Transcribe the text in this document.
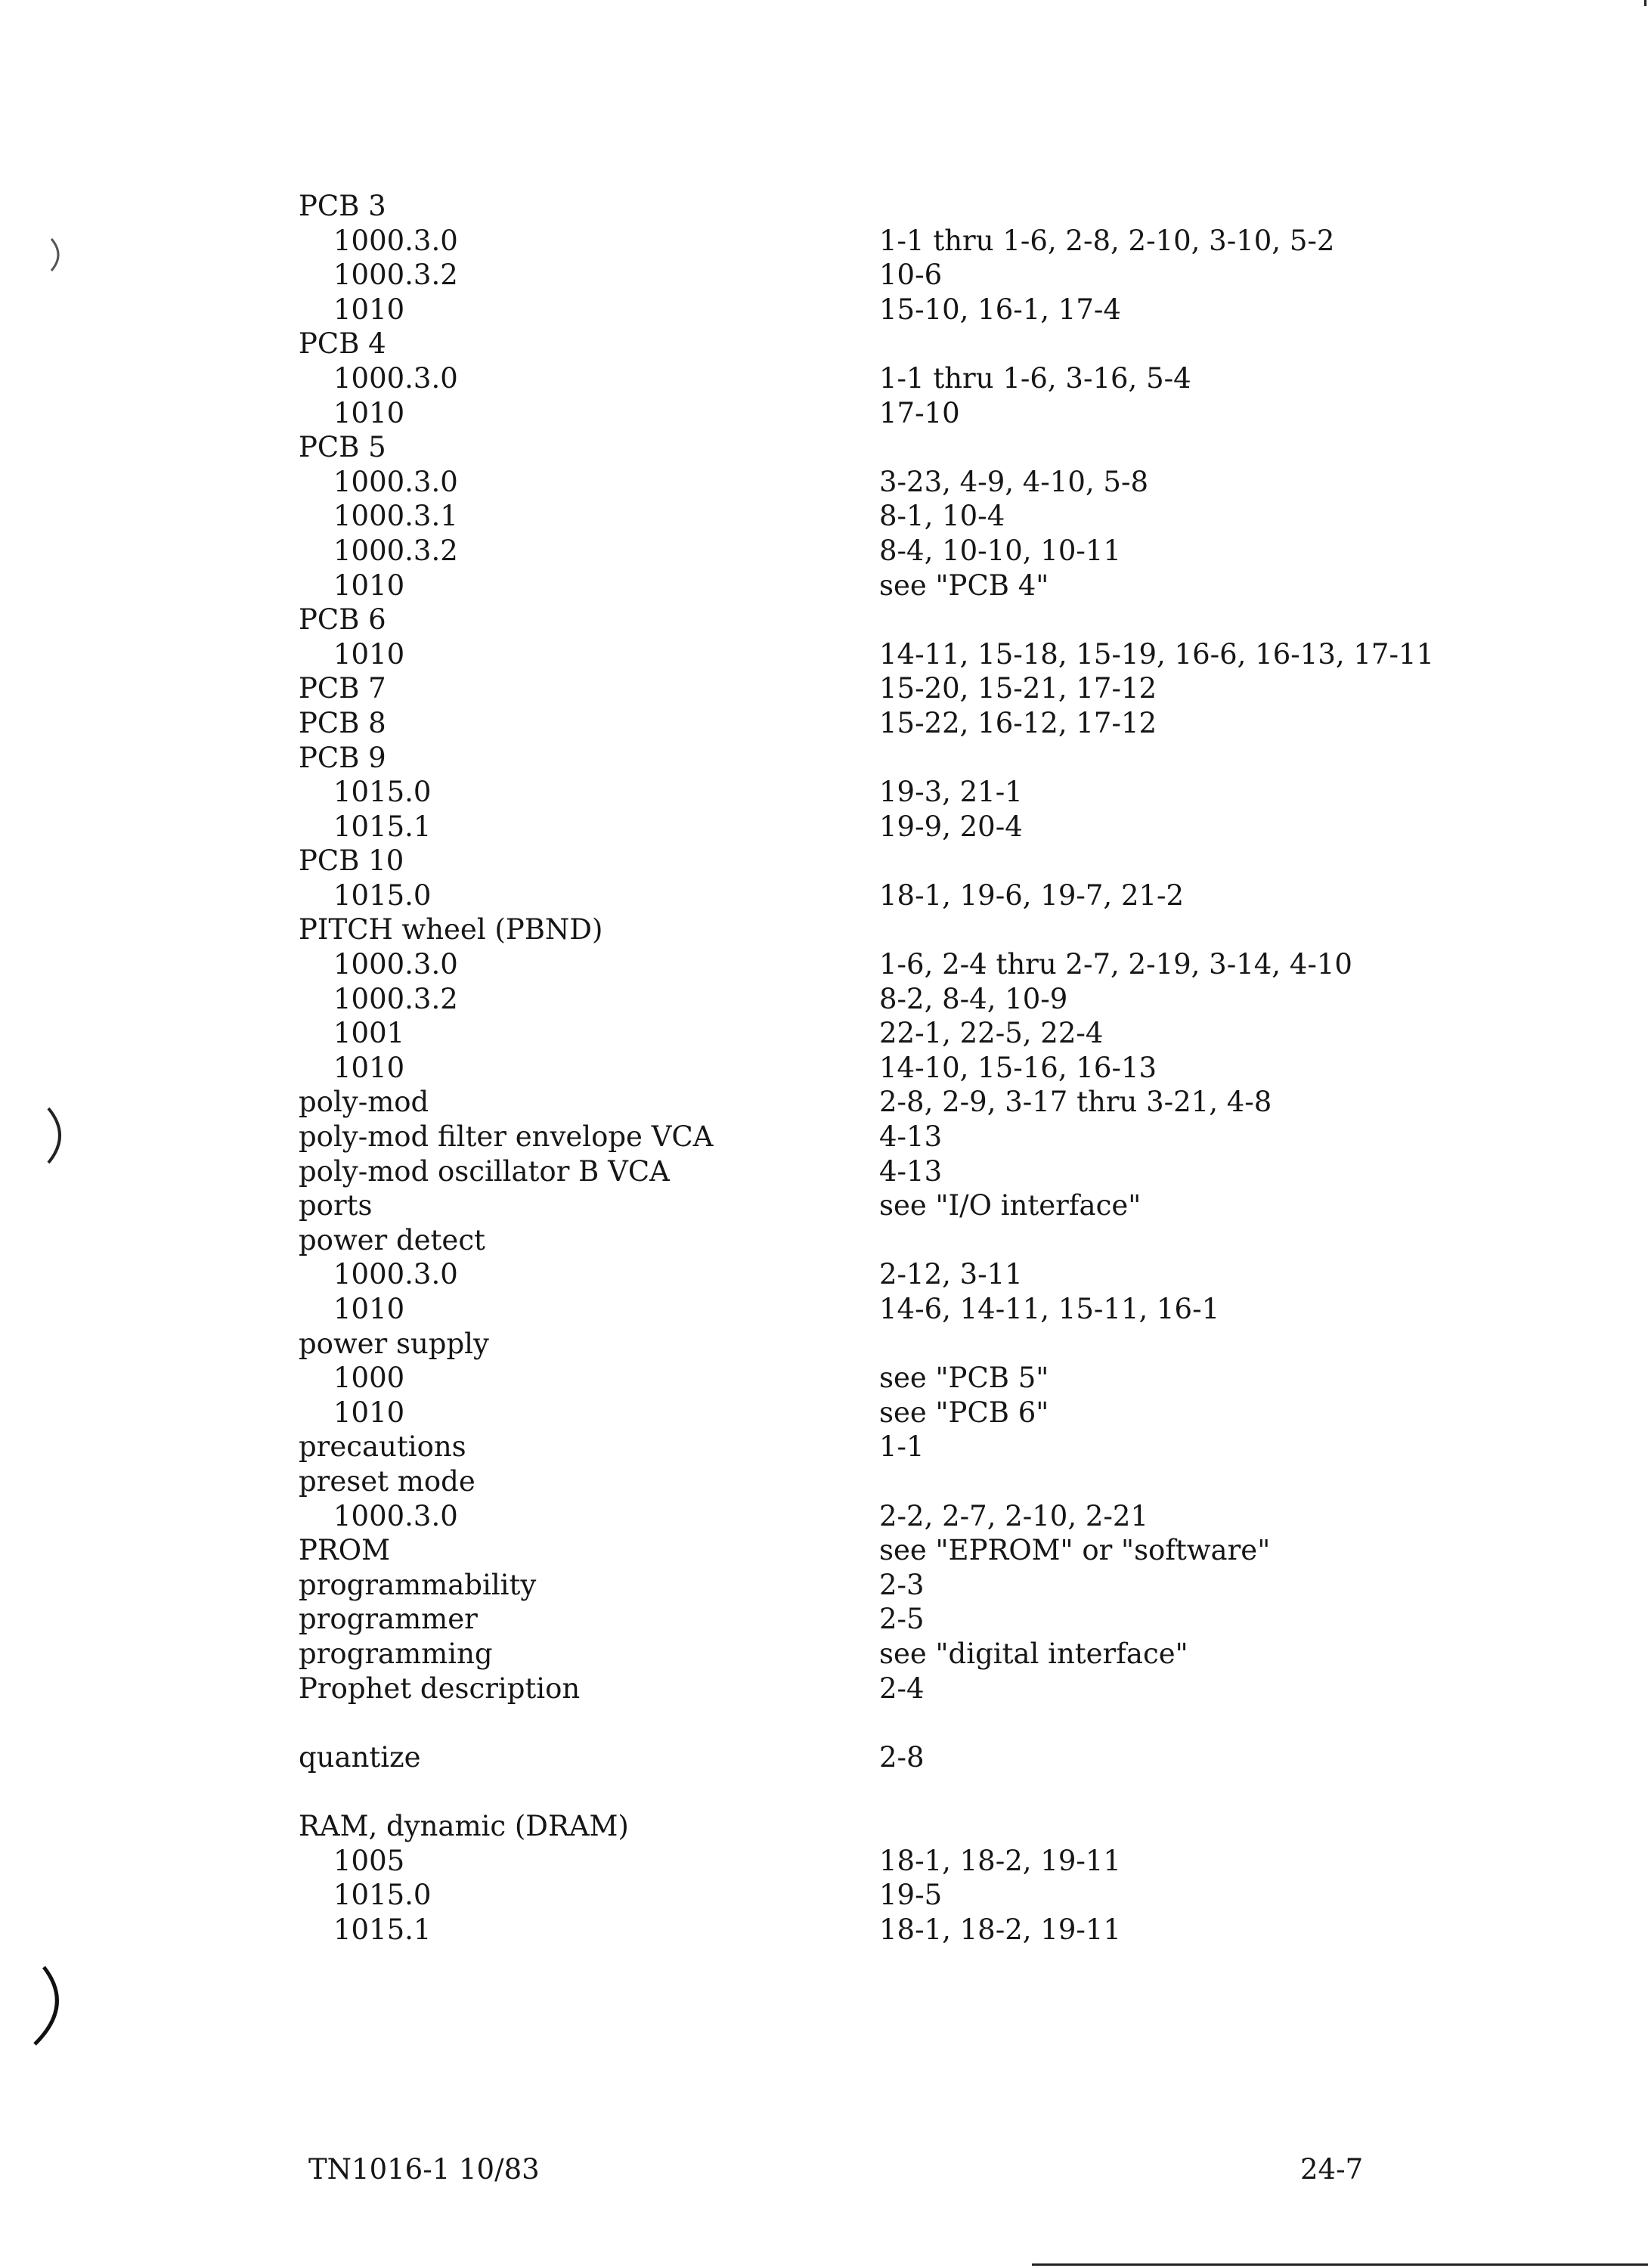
PCB 3
1000.3.0	1-1 thru 1-6, 2-8, 2-10, 3-10, 5-2
1000.3.2	10-6
1010	15-10, 16-1, 17-4
PCB 4
1000.3.0	1-1 thru 1-6, 3-16, 5-4
1010	17-10
PCB 5
1000.3.0	3-23, 4-9, 4-10, 5-8
1000.3.1	8-1, 10-4
1000.3.2	8-4, 10-10, 10-11
1010	see "PCB 4"
PCB 6
1010	14-11, 15-18, 15-19, 16-6, 16-13, 17-11
PCB 7	15-20, 15-21, 17-12
PCB 8	15-22, 16-12, 17-12
PCB 9
1015.0	19-3, 21-1
1015.1	19-9, 20-4
PCB 10
1015.0	18-1, 19-6, 19-7, 21-2
PITCH wheel (PBND)
1000.3.0	1-6, 2-4 thru 2-7, 2-19, 3-14, 4-10
1000.3.2	8-2, 8-4, 10-9
1001	22-1, 22-5, 22-4
1010	14-10, 15-16, 16-13
poly-mod	2-8, 2-9, 3-17 thru 3-21, 4-8
poly-mod filter envelope VCA	4-13
poly-mod oscillator B VCA	4-13
ports	see "I/O interface"
power detect
1000.3.0	2-12, 3-11
1010	14-6, 14-11, 15-11, 16-1
power supply
1000	see "PCB 5"
1010	see "PCB 6"
precautions	1-1
preset mode
1000.3.0	2-2, 2-7, 2-10, 2-21
PROM	see "EPROM" or "software"
programmability	2-3
programmer	2-5
programming	see "digital interface"
Prophet description	2-4
quantize	2-8
RAM, dynamic (DRAM)
1005	18-1, 18-2, 19-11
1015.0	19-5
1015.1	18-1, 18-2, 19-11
TN1016-1 10/83	24-7
